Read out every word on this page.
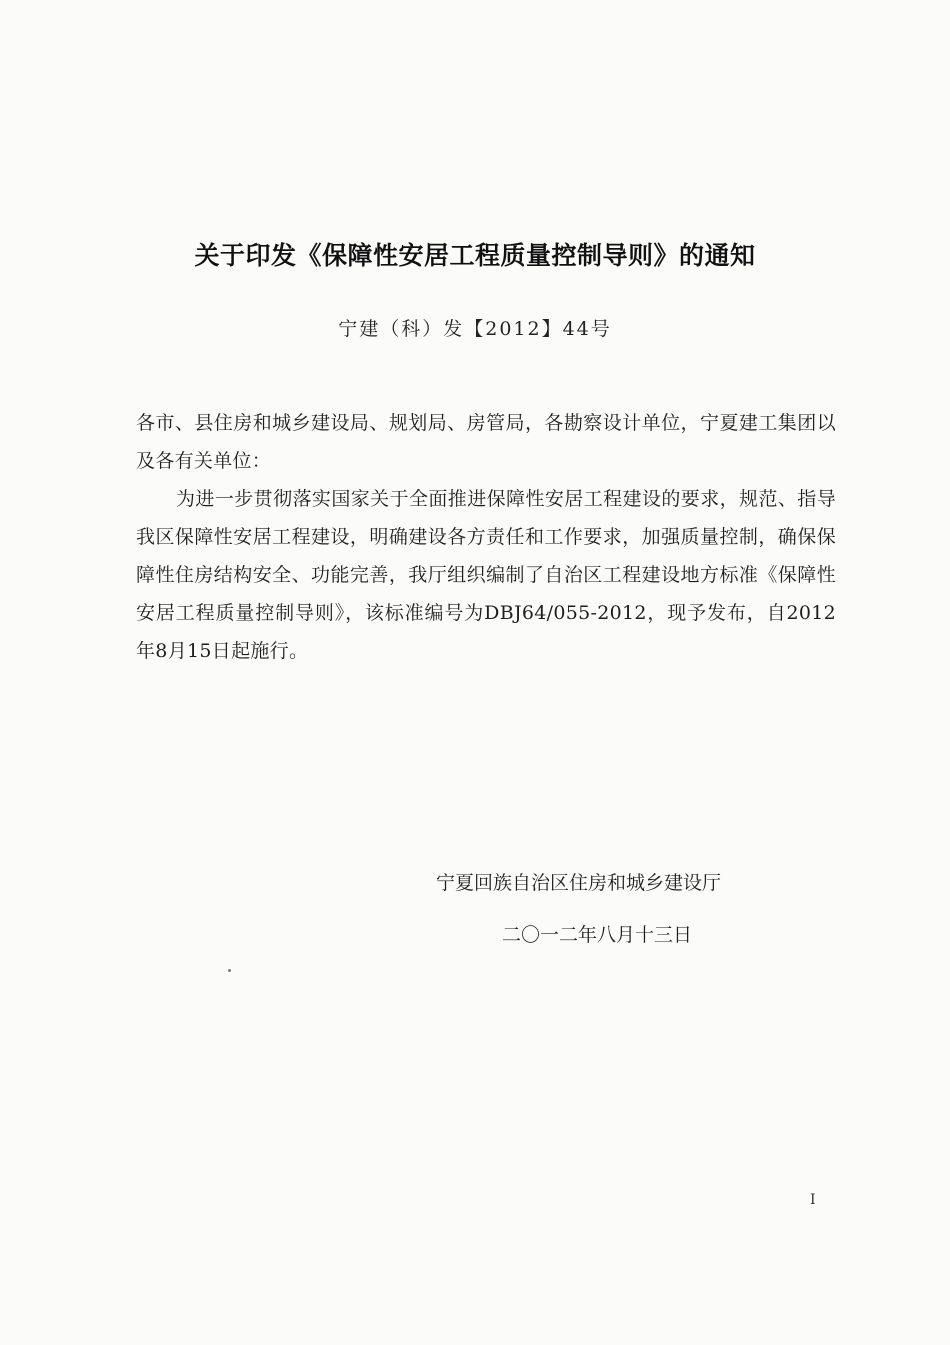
关于印发《保障性安居工程质量控制导则》的通知
宁建（科）发【2012】44号

各市、县住房和城乡建设局、规划局、房管局，各勘察设计单位，宁夏建工集团以及各有关单位：

为进一步贯彻落实国家关于全面推进保障性安居工程建设的要求，规范、指导我区保障性安居工程建设，明确建设各方责任和工作要求，加强质量控制，确保保障性住房结构安全、功能完善，我厅组织编制了自治区工程建设地方标准《保障性安居工程质量控制导则》，该标准编号为DBJ64/055-2012，现予发布，自2012年8月15日起施行。

宁夏回族自治区住房和城乡建设厅
二〇一二年八月十三日
I
